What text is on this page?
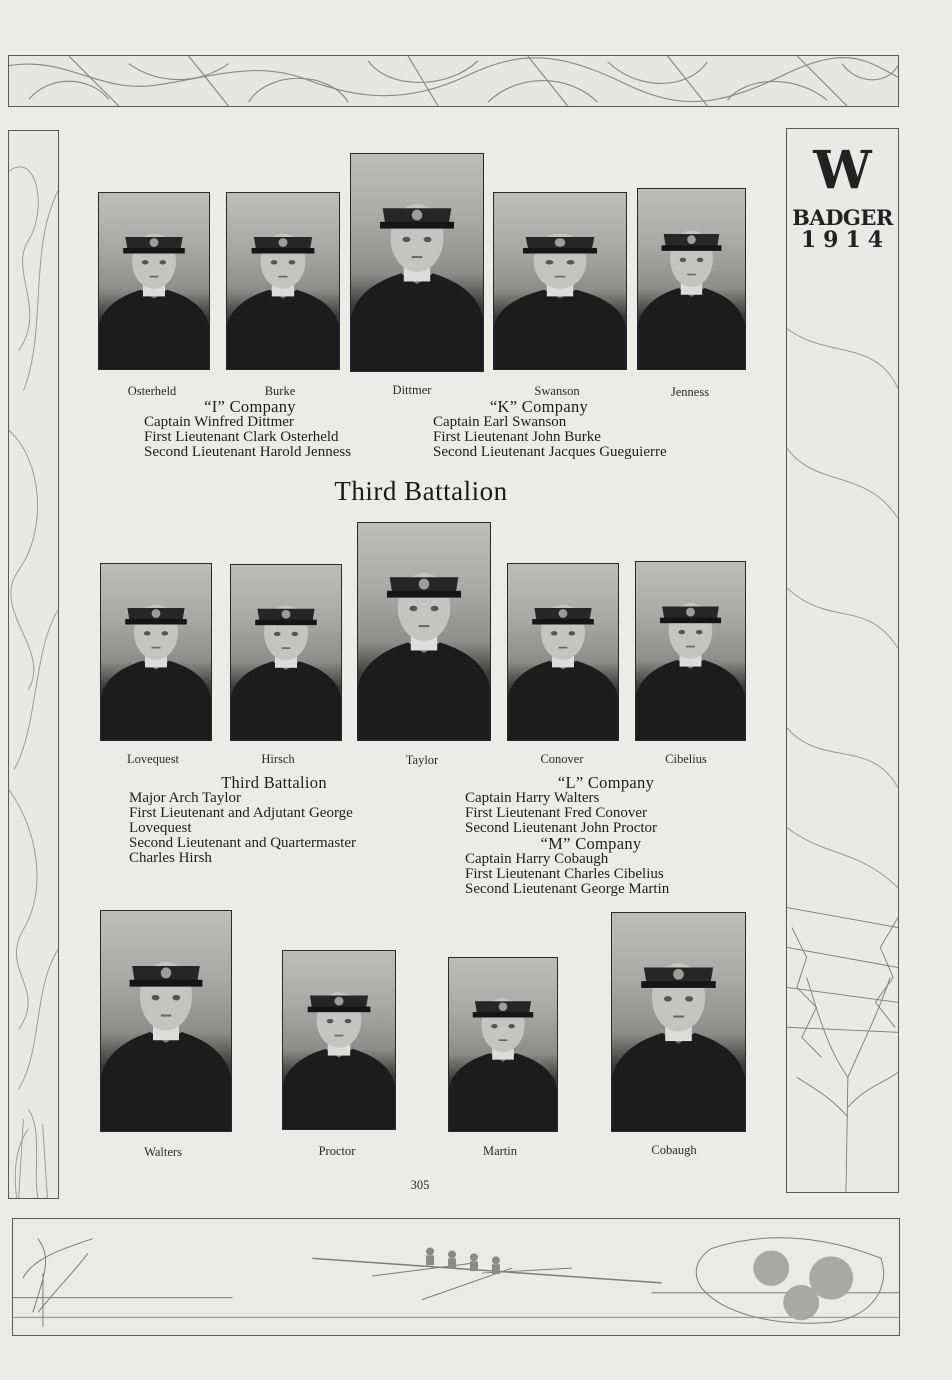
W
BADGER
1914
Osterheld	Burke	Dittmer	Swanson	Jenness
“I” Company
Captain Winfred Dittmer
First Lieutenant Clark Osterheld
Second Lieutenant Harold Jenness
“K” Company
Captain Earl Swanson
First Lieutenant John Burke
Second Lieutenant Jacques Gueguierre
Third Battalion
Lovequest	Hirsch	Taylor	Conover	Cibelius
Third Battalion
Major Arch Taylor
First Lieutenant and Adjutant George
Lovequest
Second Lieutenant and Quartermaster
Charles Hirsh
“L” Company
Captain Harry Walters
First Lieutenant Fred Conover
Second Lieutenant John Proctor
“M” Company
Captain Harry Cobaugh
First Lieutenant Charles Cibelius
Second Lieutenant George Martin
Walters	Proctor	Martin	Cobaugh
305
